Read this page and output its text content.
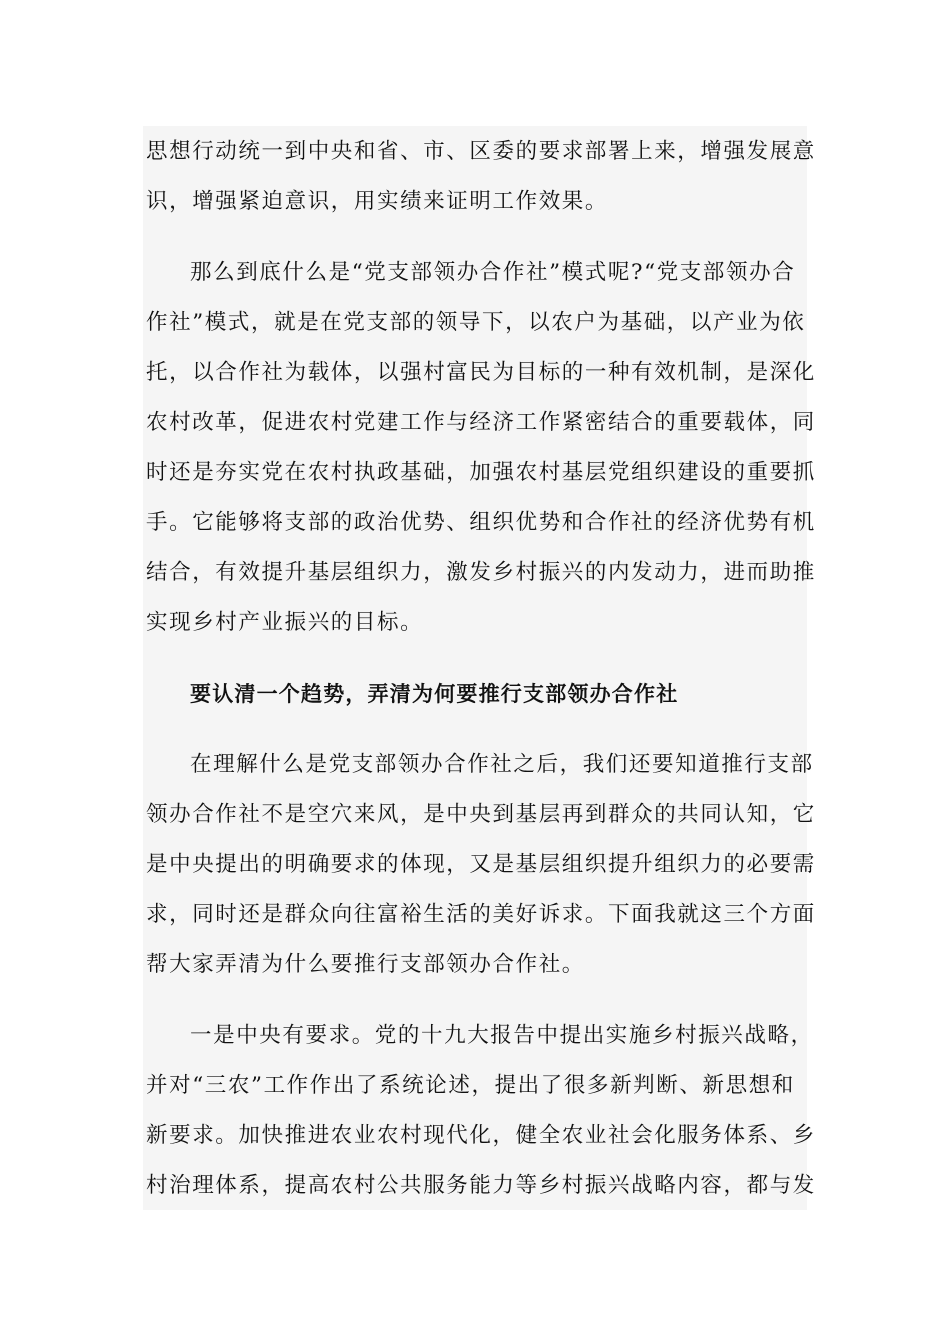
思想行动统一到中央和省、市、区委的要求部署上来，增强发展意
识，增强紧迫意识，用实绩来证明工作效果。
那么到底什么是“党支部领办合作社”模式呢?“党支部领办合
作社”模式，就是在党支部的领导下，以农户为基础，以产业为依
托，以合作社为载体，以强村富民为目标的一种有效机制，是深化
农村改革，促进农村党建工作与经济工作紧密结合的重要载体，同
时还是夯实党在农村执政基础，加强农村基层党组织建设的重要抓
手。它能够将支部的政治优势、组织优势和合作社的经济优势有机
结合，有效提升基层组织力，激发乡村振兴的内发动力，进而助推
实现乡村产业振兴的目标。
要认清一个趋势，弄清为何要推行支部领办合作社
在理解什么是党支部领办合作社之后，我们还要知道推行支部
领办合作社不是空穴来风，是中央到基层再到群众的共同认知，它
是中央提出的明确要求的体现，又是基层组织提升组织力的必要需
求，同时还是群众向往富裕生活的美好诉求。下面我就这三个方面
帮大家弄清为什么要推行支部领办合作社。
一是中央有要求。党的十九大报告中提出实施乡村振兴战略，
并对“三农”工作作出了系统论述，提出了很多新判断、新思想和
新要求。加快推进农业农村现代化，健全农业社会化服务体系、乡
村治理体系，提高农村公共服务能力等乡村振兴战略内容，都与发
